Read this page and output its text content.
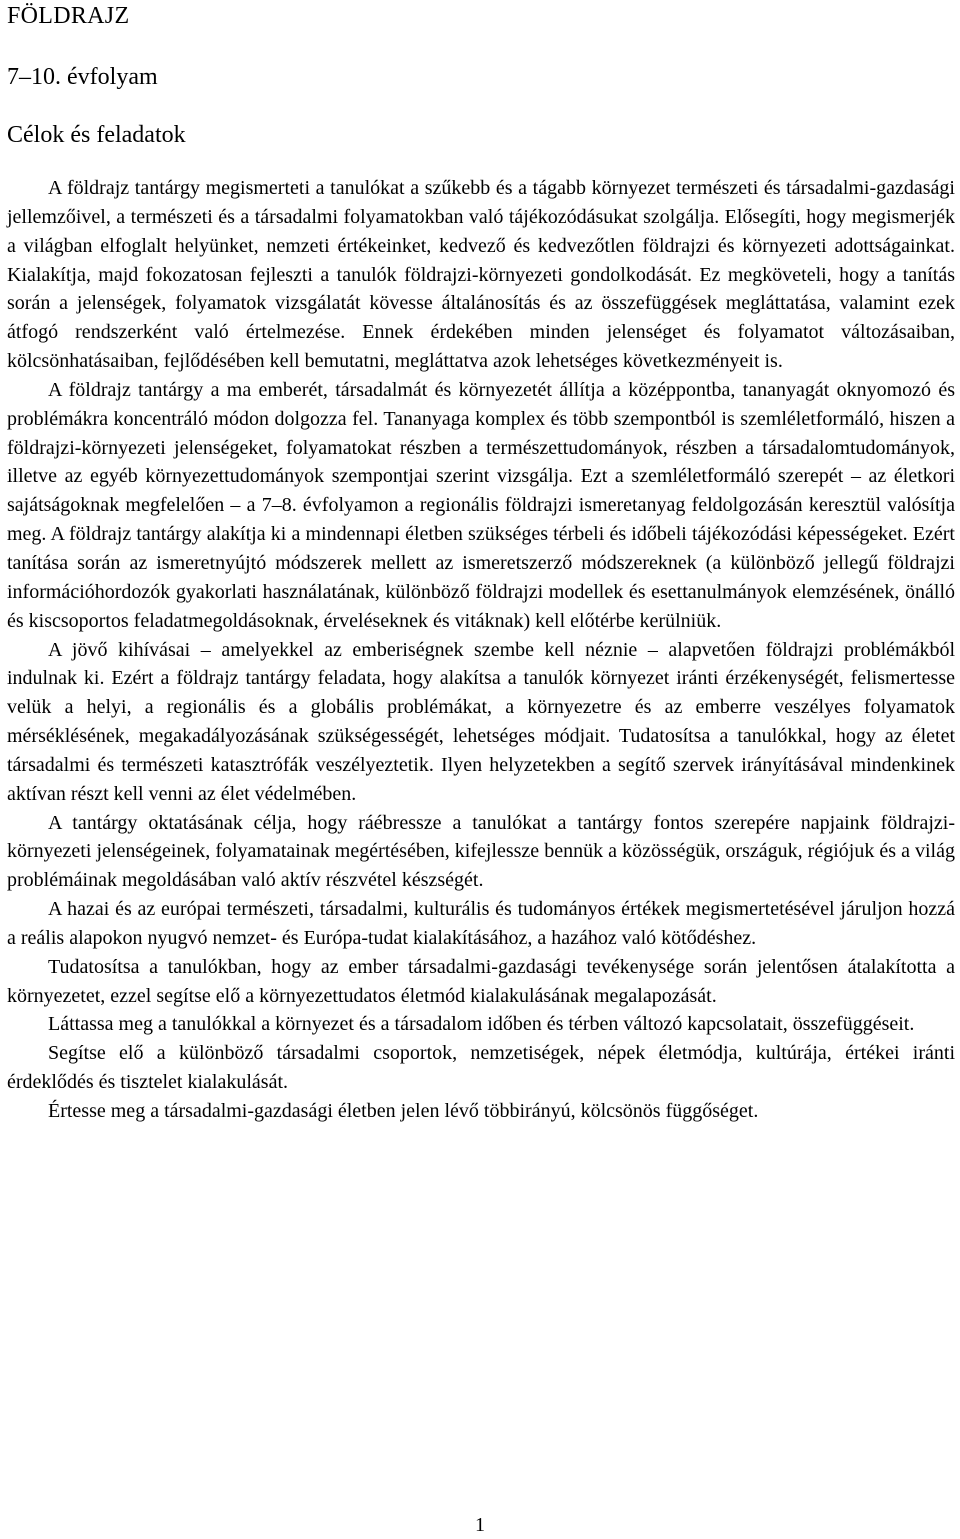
FÖLDRAJZ
7–10. évfolyam
Célok és feladatok

A földrajz tantárgy megismerteti a tanulókat a szűkebb és a tágabb környezet természeti és társadalmi-gazdasági jellemzőivel, a természeti és a társadalmi folyamatokban való tájékozódásukat szolgálja. Elősegíti, hogy megismerjék a világban elfoglalt helyünket, nemzeti értékeinket, kedvező és kedvezőtlen földrajzi és környezeti adottságainkat. Kialakítja, majd fokozatosan fejleszti a tanulók földrajzi-környezeti gondolkodását. Ez megköveteli, hogy a tanítás során a jelenségek, folyamatok vizsgálatát kövesse általánosítás és az összefüggések megláttatása, valamint ezek átfogó rendszerként való értelmezése. Ennek érdekében minden jelenséget és folyamatot változásaiban, kölcsönhatásaiban, fejlődésében kell bemutatni, megláttatva azok lehetséges következményeit is.

A földrajz tantárgy a ma emberét, társadalmát és környezetét állítja a középpontba, tananyagát oknyomozó és problémákra koncentráló módon dolgozza fel. Tananyaga komplex és több szempontból is szemléletformáló, hiszen a földrajzi-környezeti jelenségeket, folyamatokat részben a természettudományok, részben a társadalomtudományok, illetve az egyéb környezettudományok szempontjai szerint vizsgálja. Ezt a szemléletformáló szerepét – az életkori sajátságoknak megfelelően – a 7–8. évfolyamon a regionális földrajzi ismeretanyag feldolgozásán keresztül valósítja meg. A földrajz tantárgy alakítja ki a mindennapi életben szükséges térbeli és időbeli tájékozódási képességeket. Ezért tanítása során az ismeretnyújtó módszerek mellett az ismeretszerző módszereknek (a különböző jellegű földrajzi információhordozók gyakorlati használatának, különböző földrajzi modellek és esettanulmányok elemzésének, önálló és kiscsoportos feladatmegoldásoknak, érveléseknek és vitáknak) kell előtérbe kerülniük.

A jövő kihívásai – amelyekkel az emberiségnek szembe kell néznie – alapvetően földrajzi problémákból indulnak ki. Ezért a földrajz tantárgy feladata, hogy alakítsa a tanulók környezet iránti érzékenységét, felismertesse velük a helyi, a regionális és a globális problémákat, a környezetre és az emberre veszélyes folyamatok mérséklésének, megakadályozásának szükségességét, lehetséges módjait. Tudatosítsa a tanulókkal, hogy az életet társadalmi és természeti katasztrófák veszélyeztetik. Ilyen helyzetekben a segítő szervek irányításával mindenkinek aktívan részt kell venni az élet védelmében.

A tantárgy oktatásának célja, hogy ráébressze a tanulókat a tantárgy fontos szerepére napjaink földrajzi-környezeti jelenségeinek, folyamatainak megértésében, kifejlessze bennük a közösségük, országuk, régiójuk és a világ problémáinak megoldásában való aktív részvétel készségét.

A hazai és az európai természeti, társadalmi, kulturális és tudományos értékek megismertetésével járuljon hozzá a reális alapokon nyugvó nemzet- és Európa-tudat kialakításához, a hazához való kötődéshez.

Tudatosítsa a tanulókban, hogy az ember társadalmi-gazdasági tevékenysége során jelentősen átalakította a környezetet, ezzel segítse elő a környezettudatos életmód kialakulásának megalapozását.

Láttassa meg a tanulókkal a környezet és a társadalom időben és térben változó kapcsolatait, összefüggéseit.

Segítse elő a különböző társadalmi csoportok, nemzetiségek, népek életmódja, kultúrája, értékei iránti érdeklődés és tisztelet kialakulását.

Értesse meg a társadalmi-gazdasági életben jelen lévő többirányú, kölcsönös függőséget.

1
